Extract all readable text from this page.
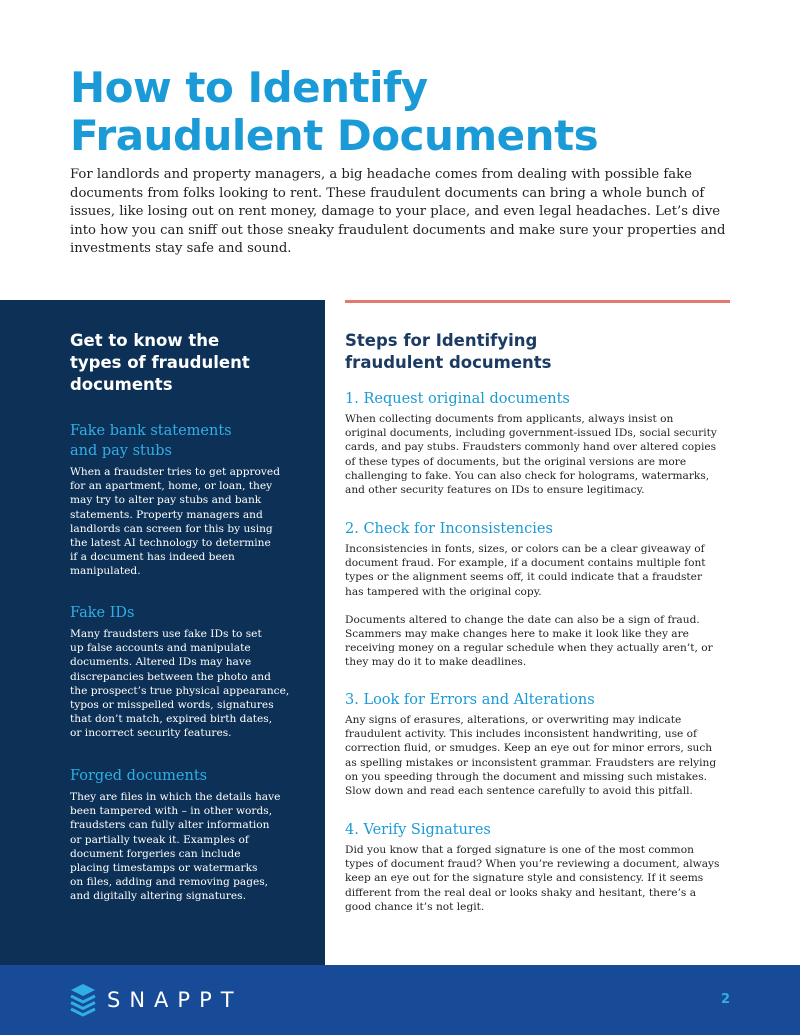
How to Identify
Fraudulent Documents

For landlords and property managers, a big headache comes from dealing with possible fake documents from folks looking to rent. These fraudulent documents can bring a whole bunch of issues, like losing out on rent money, damage to your place, and even legal headaches. Let’s dive into how you can sniff out those sneaky fraudulent documents and make sure your properties and investments stay safe and sound.

Get to know the
types of fraudulent
documents
Fake bank statements
and pay stubs

When a fraudster tries to get approved
for an apartment, home, or loan, they
may try to alter pay stubs and bank
statements. Property managers and
landlords can screen for this by using
the latest AI technology to determine
if a document has indeed been
manipulated.

Fake IDs

Many fraudsters use fake IDs to set
up false accounts and manipulate
documents. Altered IDs may have
discrepancies between the photo and
the prospect’s true physical appearance,
typos or misspelled words, signatures
that don’t match, expired birth dates,
or incorrect security features.

Forged documents

They are files in which the details have
been tampered with – in other words,
fraudsters can fully alter information
or partially tweak it. Examples of
document forgeries can include
placing timestamps or watermarks
on files, adding and removing pages,
and digitally altering signatures.

Steps for Identifying
fraudulent documents
1. Request original documents

When collecting documents from applicants, always insist on
original documents, including government-issued IDs, social security
cards, and pay stubs. Fraudsters commonly hand over altered copies
of these types of documents, but the original versions are more
challenging to fake. You can also check for holograms, watermarks,
and other security features on IDs to ensure legitimacy.

2. Check for Inconsistencies

Inconsistencies in fonts, sizes, or colors can be a clear giveaway of
document fraud. For example, if a document contains multiple font
types or the alignment seems off, it could indicate that a fraudster
has tampered with the original copy.

Documents altered to change the date can also be a sign of fraud.
Scammers may make changes here to make it look like they are
receiving money on a regular schedule when they actually aren’t, or
they may do it to make deadlines.

3. Look for Errors and Alterations

Any signs of erasures, alterations, or overwriting may indicate
fraudulent activity. This includes inconsistent handwriting, use of
correction fluid, or smudges. Keep an eye out for minor errors, such
as spelling mistakes or inconsistent grammar. Fraudsters are relying
on you speeding through the document and missing such mistakes.
Slow down and read each sentence carefully to avoid this pitfall.

4. Verify Signatures

Did you know that a forged signature is one of the most common
types of document fraud? When you’re reviewing a document, always
keep an eye out for the signature style and consistency. If it seems
different from the real deal or looks shaky and hesitant, there’s a
good chance it’s not legit.

SNAPPT	2
